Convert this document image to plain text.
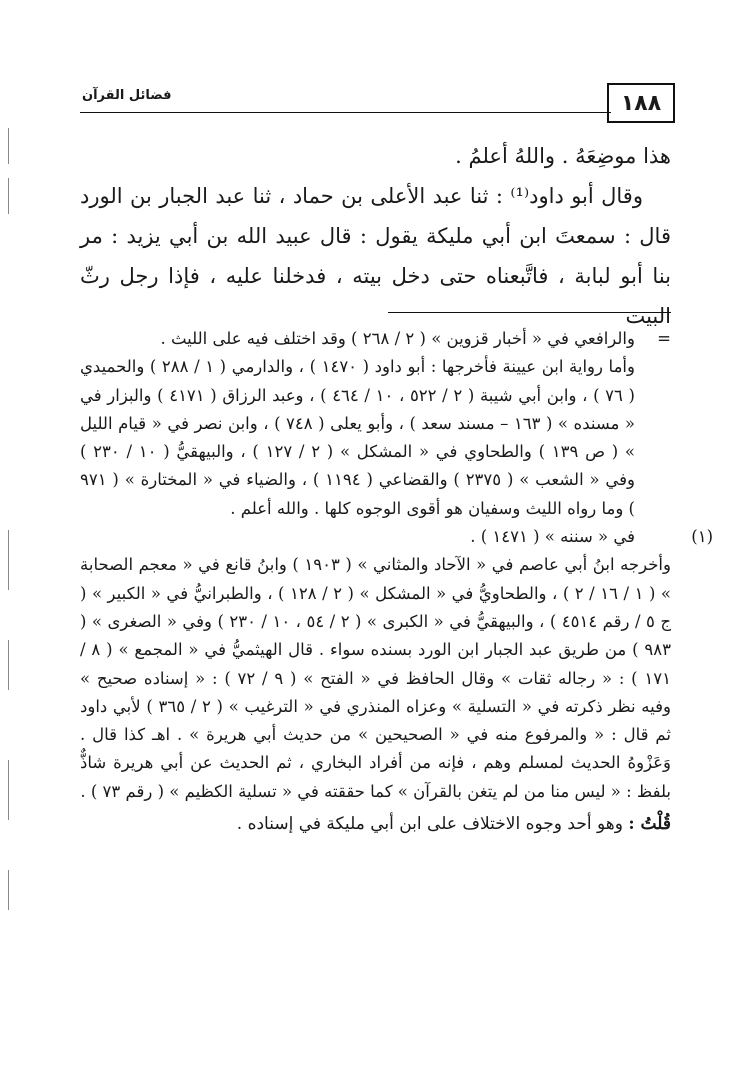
١٨٨
فضائل القرآن

هذا موضِعَهُ . واللهُ أعلمُ .

وقال أبو داود⁽¹⁾ : ثنا عبد الأعلى بن حماد ، ثنا عبد الجبار بن الورد قال : سمعتَ ابن أبي مليكة يقول : قال عبيد الله بن أبي يزيد : مر بنا أبو لبابة ، فاتَّبعناه حتى دخل بيته ، فدخلنا عليه ، فإذا رجل رثّ البيت

=والرافعي في « أخبار قزوين » ( ٢ / ٢٦٨ ) وقد اختلف فيه على الليث .

وأما رواية ابن عيينة فأخرجها : أبو داود ( ١٤٧٠ ) ، والدارمي ( ١ / ٢٨٨ ) والحميدي ( ٧٦ ) ، وابن أبي شيبة ( ٢ / ٥٢٢ ، ١٠ / ٤٦٤ ) ، وعبد الرزاق ( ٤١٧١ ) والبزار في « مسنده » ( ١٦٣ – مسند سعد ) ، وأبو يعلى ( ٧٤٨ ) ، وابن نصر في « قيام الليل » ( ص ١٣٩ ) والطحاوي في « المشكل » ( ٢ / ١٢٧ ) ، والبيهقيُّ ( ١٠ / ٢٣٠ ) وفي « الشعب » ( ٢٣٧٥ ) والقضاعي ( ١١٩٤ ) ، والضياء في « المختارة » ( ٩٧١ ) وما رواه الليث وسفيان هو أقوى الوجوه كلها . والله أعلم .

(١)
في « سننه » ( ١٤٧١ ) .

وأخرجه ابنُ أبي عاصم في « الآحاد والمثاني » ( ١٩٠٣ ) وابنُ قانع في « معجم الصحابة » ( ١ / ١٦ / ٢ ) ، والطحاويُّ في « المشكل » ( ٢ / ١٢٨ ) ، والطبرانيُّ في « الكبير » ( ج ٥ / رقم ٤٥١٤ ) ، والبيهقيُّ في « الكبرى » ( ٢ / ٥٤ ، ١٠ / ٢٣٠ ) وفي « الصغرى » ( ٩٨٣ ) من طريق عبد الجبار ابن الورد بسنده سواء . قال الهيثميُّ في « المجمع » ( ٨ / ١٧١ ) : « رجاله ثقات » وقال الحافظ في « الفتح » ( ٩ / ٧٢ ) : « إسناده صحيح » وفيه نظر ذكرته في « التسلية » وعزاه المنذري في « الترغيب » ( ٢ / ٣٦٥ ) لأبي داود ثم قال : « والمرفوع منه في « الصحيحين » من حديث أبي هريرة » . اهـ كذا قال . وَعَزْوهُ الحديث لمسلم وهم ، فإنه من أفراد البخاري ، ثم الحديث عن أبي هريرة شاذٌّ بلفظ : « ليس منا من لم يتغن بالقرآن » كما حققته في « تسلية الكظيم » ( رقم ٧٣ ) .

قُلْتُ : وهو أحد وجوه الاختلاف على ابن أبي مليكة في إسناده .
